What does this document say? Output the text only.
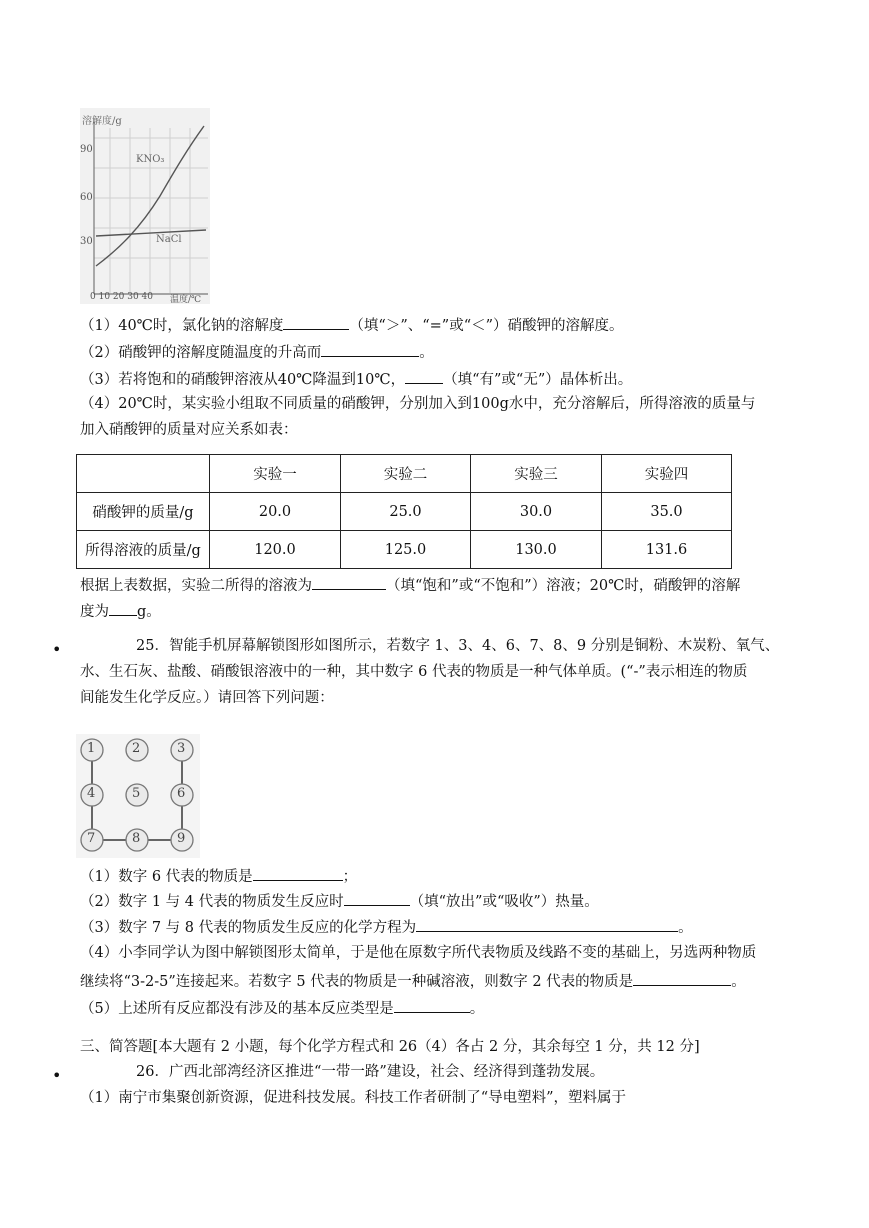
溶解度/g
90
60
30
KNO₃
NaCl
0 10 20 30 40 温度/℃
（1）40℃时，氯化钠的溶解度	（填“＞”、“=”或“＜”）硝酸钾的溶解度。
（2）硝酸钾的溶解度随温度的升高而	。
（3）若将饱和的硝酸钾溶液从40℃降温到10℃，	（填“有”或“无”）晶体析出。
（4）20℃时，某实验小组取不同质量的硝酸钾，分别加入到100g水中，充分溶解后，所得溶液的质量与
加入硝酸钾的质量对应关系如表：
	实验一	实验二	实验三	实验四
硝酸钾的质量/g	20.0	25.0	30.0	35.0
所得溶液的质量/g	120.0	125.0	130.0	131.6
根据上表数据，实验二所得的溶液为	（填“饱和”或“不饱和”）溶液；20℃时，硝酸钾的溶解
度为 g。
•	25．智能手机屏幕解锁图形如图所示，若数字 1、3、4、6、7、8、9 分别是铜粉、木炭粉、氧气、
水、生石灰、盐酸、硝酸银溶液中的一种，其中数字 6 代表的物质是一种气体单质。(“-”表示相连的物质
间能发生化学反应。）请回答下列问题：
1	2	3
4	5	6
7	8	9
（1）数字 6 代表的物质是	；
（2）数字 1 与 4 代表的物质发生反应时	（填“放出”或“吸收”）热量。
（3）数字 7 与 8 代表的物质发生反应的化学方程为	。
（4）小李同学认为图中解锁图形太简单，于是他在原数字所代表物质及线路不变的基础上，另选两种物质
继续将“3-2-5”连接起来。若数字 5 代表的物质是一种碱溶液，则数字 2 代表的物质是	。
（5）上述所有反应都没有涉及的基本反应类型是	。
三、简答题[本大题有 2 小题，每个化学方程式和 26（4）各占 2 分，其余每空 1 分，共 12 分]
•	26．广西北部湾经济区推进“一带一路”建设，社会、经济得到蓬勃发展。
（1）南宁市集聚创新资源，促进科技发展。科技工作者研制了“导电塑料”，塑料属于
